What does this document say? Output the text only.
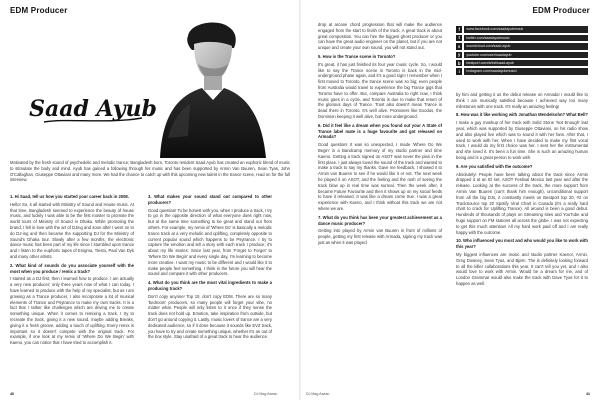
EDM Producer
Saad Ayub

Motivated by the fresh sound of psychedelic and melodic trance; Bangladesh born, Toronto resident Saad Ayub has created an euphoric blend of music to stimulate the body and mind. Ayub has gained a following through his music and has been supported by Armin Van Buuren, Sean Tyas, John O'Callaghan, Giuseppe Ottaviani and many more. We had the chance to catch up with this upcoming new talent in the trance scene, read on for the full interview.

1. Hi Saad, tell us how you started your career back in 2008.

Hello! So, it all started with Ministry of Sound and House music. At that time, Bangladesh seemed to experience the beauty of house music, and luckily I was able to be the first rooster to promote the world tours of Ministry of Sound in Dhaka. While promoting the brand, I fell in love with the art of DJing and soon after I went on to do DJ-ing and then became the supporting DJ for the Ministry of Sound's Dhaka tour. Slowly after a few months, the electronic dance music has been part of my life since I stumbled upon trance and I listen to the euphoric tapes of Enigma, Tiesto, Paul Van Dyk and many other artists.

2. What kind of sounds do you associate yourself with the most when you produce / remix a track?

I started as a DJ first, then I learned how to produce. I am actually a very new producer; only three years now of what I can today. I have learned to produce with the help of my specialist, but as I am growing as a Trance producer, I also incorporate a lot of musical elements of Trance and Psytrance to make my own tracks. It is a fact that I rather like challenges which are driving me to create something unique. When it comes to remixing a track, I try to recreate the track, giving it a new sound, maybe adding Breaks, giving it a fresh groove, adding a touch of uplifting. Every remix is important so it doesn't compete with the original track. For example, if one look at my remix of 'Where Do We Begin' with Kaeno, you can notice that I have tried to accomplish it.

3. What makes your sound stand out compared to other producers?

Good question! To be honest with you, when I produce a track, I try to go in the opposite direction of what everyone does right now, but at the same time something to be great and stand out from others. For example, my remix of 'Where Do' is basically a melodic trance track at a very melodic and uplifting, completely opposite to current popular sound which happens to be Psytrance. I try to capture the emotion and tell a story with each track I produce; it's about my life stories. Since last year, from 'Forget to Forget' to 'Where Do We Begin' and every single day, I'm learning to become more creative. I want my music to be different and I would like it to make people feel something. I think in the future you will hear the sound and compare it with other producers.

4. What do you think are the most vital ingredients to make a producing track?

Don't copy anyone! Top 10, don't copy EDM. There are so many 'bedroom' producers, so many people will forget your vibe, no matter what. People will only listen to it once if they sense the track does not hold up. Emotion, take inspiration from outside, but don't go around copying it. Lastly, music lovers of trance are a very dedicated audience, so if it done because it sounds like EVZ track, you have to try and create something unique, whether it's an out of the box style. Stay unafraid of a great track to hear the audience.

40	DJ Mag Asean
EDM Producer

drop at arcane chord progression that will make the audience engaged from the start to finish of the track. A great track is about great composition. You can hire the biggest ghost producer or you can have the great audio engineer on the planet, but if you are not unique and create your own sound, you will not stand out.

5. How is the Trance scene in Toronto?

It's great, it has just finished its four year music cycle. So, I would like to say the Trance scene in Toronto is back in the mid-underground phase again, and it's a good sign! I remember when I first moved to Toronto, the trance scene was so big; even people from Australia would travel to experience the big Trance gigs that Toronto have to offer. But, compare Australia to right now, I think music goes in a cycle, and Toronto is due to make that return of the glorious days of Trance. Trust also doesn't mean Trance is dead there in Toronto. It's well alive. Promoters like Exodus, the Dominion keeping it well alive, but more underground.

6. Did it feel like a dream when you found out your A State of Trance label mate is a huge favourite and got released on Armada?

Good question! It was so unexpected, I made 'Where Do We Begin' in a Bandcamp memory of my studio partner and time Kaeno. Getting a track signed on ASOT was never the plan in the first place. I just always loved the sound of the track and wanted to make a track to say my thanks. Gave me feedback, I showed it to Armin van Buuren to see if he would like it or not. The next week he played it on ASOT, and the feeling and the rush of seeing the track blow up in real time was surreal. Then the week after, it became Future Favourite and then it shows up on my social feeds to have it released. It was like a dream come true. I was a great experience with Kaeno, and I think without this track we are not where we are.

7. What do you think has been your greatest achievement as a dance music producer?

Getting into played by Armin van Buuren in front of millions of people, getting my first release with Armada, signing my track was just as when it was played

f	www.facebook.com/saadayubmusic
t	twitter.com/saadayubmusic
s	soundcloud.com/saad-ayub
y	youtube.com/user/saadayub
b	beatport.com/artist/saad-ayub
i	instagram.com/saadayubmusic/

by him and getting it as the debut release on Armada! I would like to think I am musically satisfied because I achieved way too many milestones with one track. It's really an amazing feeling!

8. How was it like working with Jonathan Mendelsohn? What Bell?

I make a guy mashup of her track with Solid Stone 'Not Enough' last year, which was supported by Giuseppe Ottaviani, on his radio show and also played live which was to sound it with her fans. After that, I used to work with her. When I have decided to make my first vocal track, I would do my first choice was her. I sent her the instrumental and she loved it. It's been a fun time. She is such an amazing human being and is a great person to work with.

9. Are you satisfied with the outcome?

Absolutely! People have been talking about the track since Armin dropped it at an ID set, ASOT Festival Mexico last year and after the release. Looking at the success of the track, the more support from Armin Van Buuren (can't thank him enough), unconditional support from all the big DJs, it constantly meets on Beatport top 20, #2 on TrackSource top 20 Spotify Viral Chart in Canada (it's a really hard chart to crack for Uplifting Trance). All around is been a good debut. Hundreds of thousands of plays on Streaming sites and YouTube and huge support on FM stations all across the globe. I was not expecting to get this much attention! All my hard work paid off and I am really happy with the outcome.

10. Who influenced you most and who would you like to work with this year?

My biggest influences are music and studio partner Kaeno!, Armin, Greg Downey, Sean Tyas, and Bjørn. The is definitely looking forward to all the killer collaborations this year. It can't tell you yet, and I also would love to work with Armin. Would be a dream for me, and of London Grammar would also make the track with Dave Tyas for it to happen as well.

DJ Mag Asean	41
